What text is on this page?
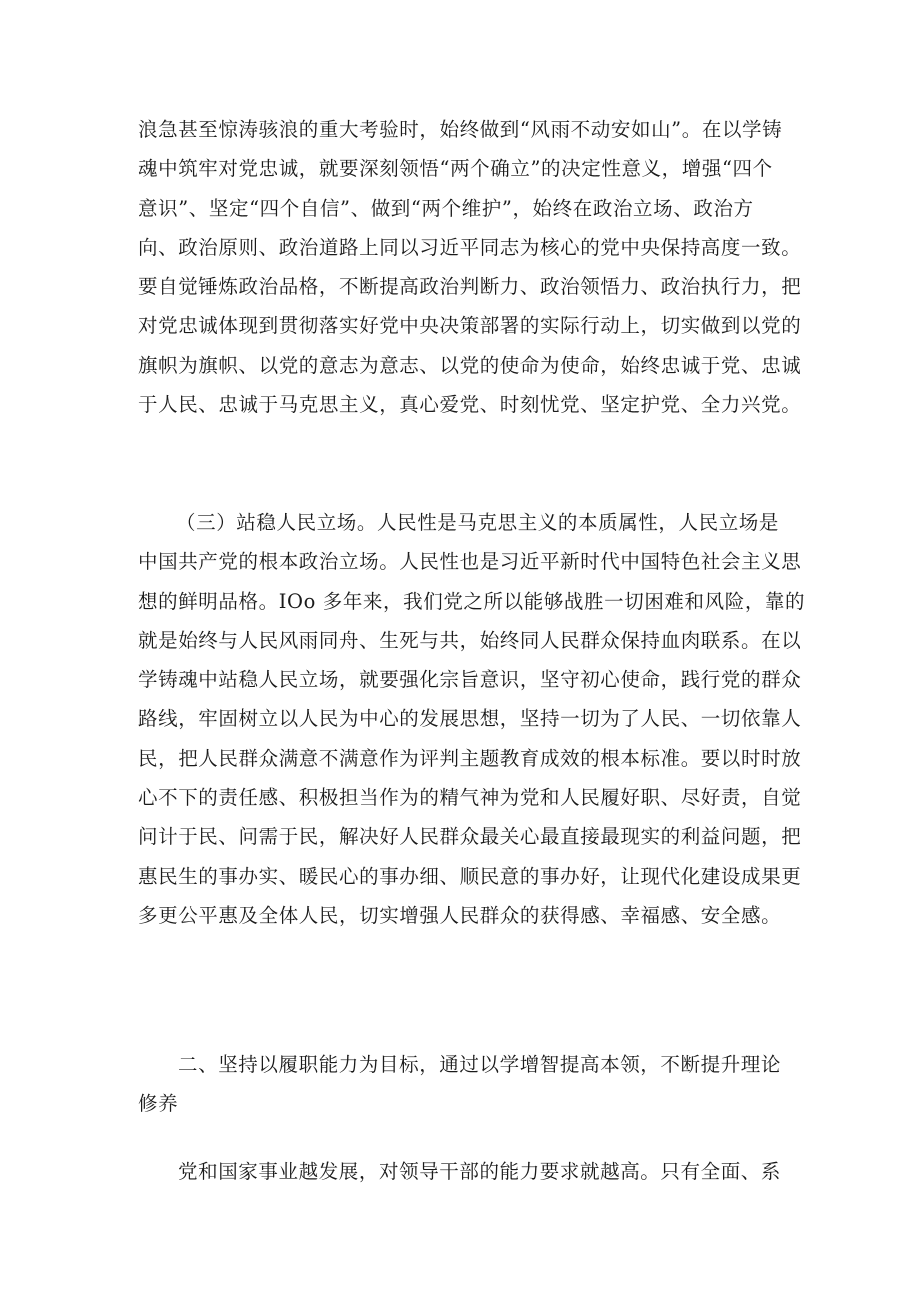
浪急甚至惊涛骇浪的重大考验时，始终做到“风雨不动安如山”。在以学铸
魂中筑牢对党忠诚，就要深刻领悟“两个确立”的决定性意义，增强“四个
意识”、坚定“四个自信”、做到“两个维护”，始终在政治立场、政治方
向、政治原则、政治道路上同以习近平同志为核心的党中央保持高度一致。
要自觉锤炼政治品格，不断提高政治判断力、政治领悟力、政治执行力，把
对党忠诚体现到贯彻落实好党中央决策部署的实际行动上，切实做到以党的
旗帜为旗帜、以党的意志为意志、以党的使命为使命，始终忠诚于党、忠诚
于人民、忠诚于马克思主义，真心爱党、时刻忧党、坚定护党、全力兴党。
（三）站稳人民立场。人民性是马克思主义的本质属性，人民立场是
中国共产党的根本政治立场。人民性也是习近平新时代中国特色社会主义思
想的鲜明品格。IOo 多年来，我们党之所以能够战胜一切困难和风险，靠的
就是始终与人民风雨同舟、生死与共，始终同人民群众保持血肉联系。在以
学铸魂中站稳人民立场，就要强化宗旨意识，坚守初心使命，践行党的群众
路线，牢固树立以人民为中心的发展思想，坚持一切为了人民、一切依靠人
民，把人民群众满意不满意作为评判主题教育成效的根本标准。要以时时放
心不下的责任感、积极担当作为的精气神为党和人民履好职、尽好责，自觉
问计于民、问需于民，解决好人民群众最关心最直接最现实的利益问题，把
惠民生的事办实、暖民心的事办细、顺民意的事办好，让现代化建设成果更
多更公平惠及全体人民，切实增强人民群众的获得感、幸福感、安全感。
二、坚持以履职能力为目标，通过以学增智提高本领，不断提升理论
修养
党和国家事业越发展，对领导干部的能力要求就越高。只有全面、系
